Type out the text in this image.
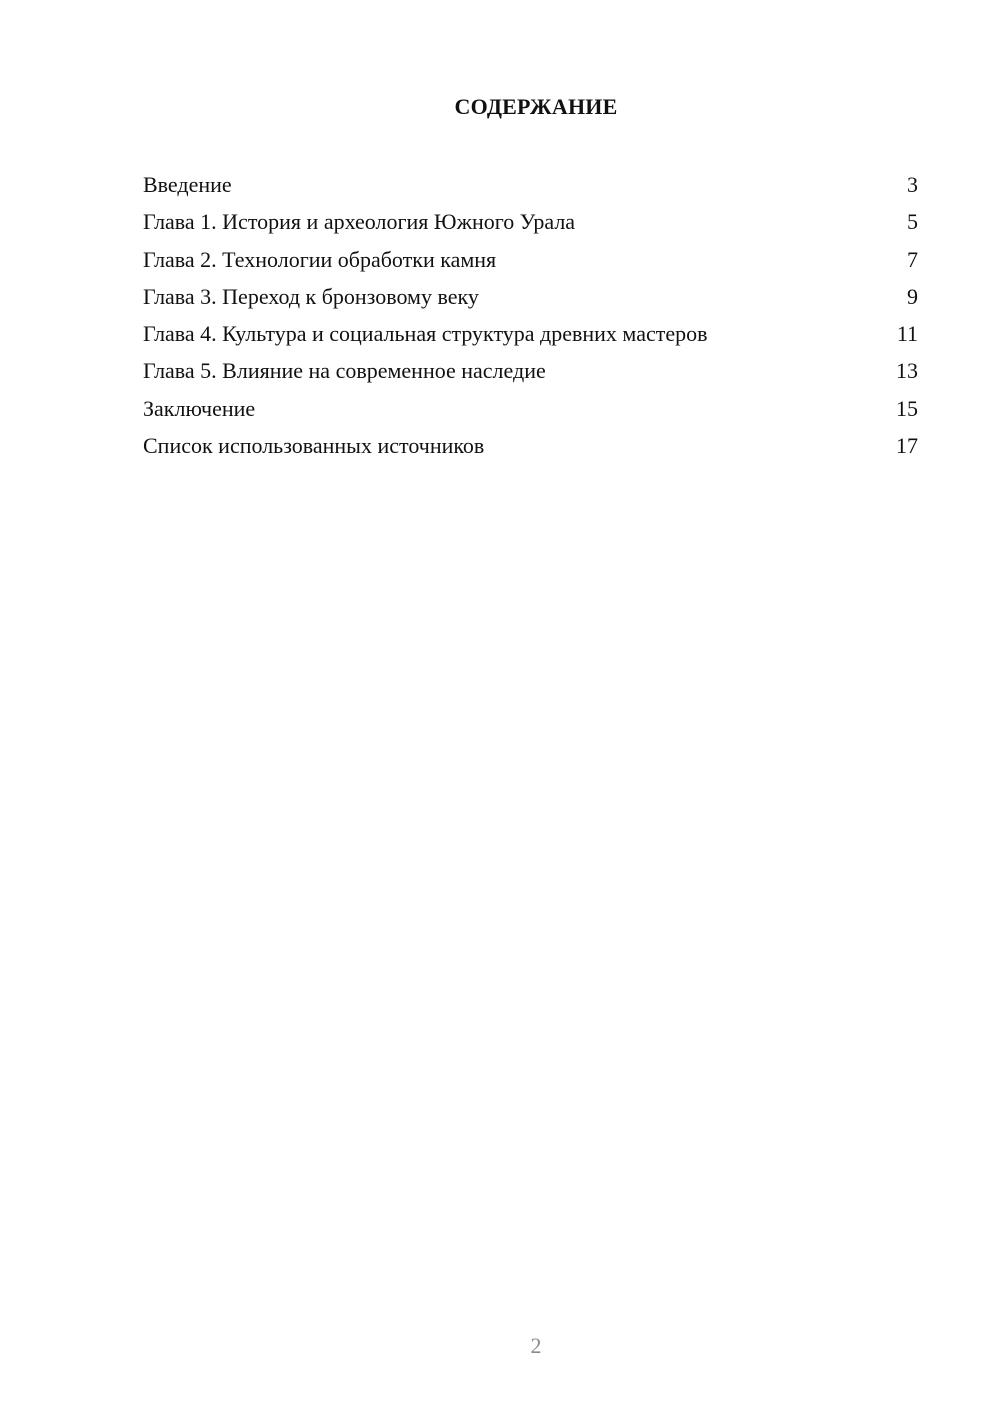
СОДЕРЖАНИЕ
Введение	3
Глава 1. История и археология Южного Урала	5
Глава 2. Технологии обработки камня	7
Глава 3. Переход к бронзовому веку	9
Глава 4. Культура и социальная структура древних мастеров	11
Глава 5. Влияние на современное наследие	13
Заключение	15
Список использованных источников	17
2
